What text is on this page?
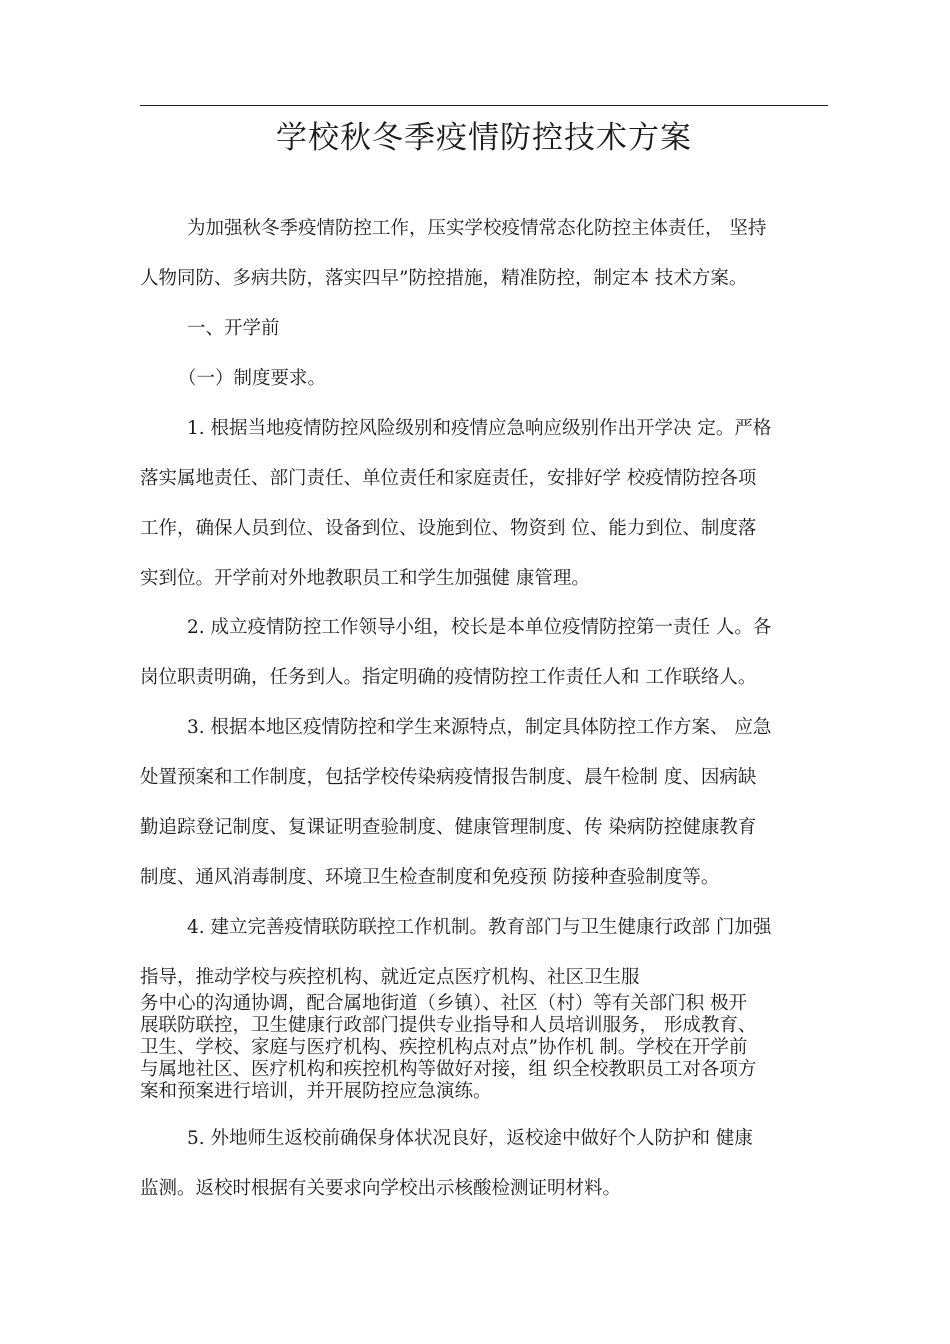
学校秋冬季疫情防控技术方案
为加强秋冬季疫情防控工作，压实学校疫情常态化防控主体责任， 坚持
人物同防、多病共防，落实四早”防控措施，精准防控，制定本 技术方案。
一、开学前
（一）制度要求。
1. 根据当地疫情防控风险级别和疫情应急响应级别作出开学决 定。严格
落实属地责任、部门责任、单位责任和家庭责任，安排好学 校疫情防控各项
工作，确保人员到位、设备到位、设施到位、物资到 位、能力到位、制度落
实到位。开学前对外地教职员工和学生加强健 康管理。
2. 成立疫情防控工作领导小组，校长是本单位疫情防控第一责任 人。各
岗位职责明确，任务到人。指定明确的疫情防控工作责任人和 工作联络人。
3. 根据本地区疫情防控和学生来源特点，制定具体防控工作方案、 应急
处置预案和工作制度，包括学校传染病疫情报告制度、晨午检制 度、因病缺
勤追踪登记制度、复课证明查验制度、健康管理制度、传 染病防控健康教育
制度、通风消毒制度、环境卫生检查制度和免疫预 防接种查验制度等。
4. 建立完善疫情联防联控工作机制。教育部门与卫生健康行政部 门加强
指导，推动学校与疾控机构、就近定点医疗机构、社区卫生服
务中心的沟通协调，配合属地街道（乡镇）、社区（村）等有关部门积 极开
展联防联控，卫生健康行政部门提供专业指导和人员培训服务， 形成教育、
卫生、学校、家庭与医疗机构、疾控机构点对点”协作机 制。学校在开学前
与属地社区、医疗机构和疾控机构等做好对接，组 织全校教职员工对各项方
案和预案进行培训，并开展防控应急演练。
5. 外地师生返校前确保身体状况良好，返校途中做好个人防护和 健康
监测。返校时根据有关要求向学校出示核酸检测证明材料。
